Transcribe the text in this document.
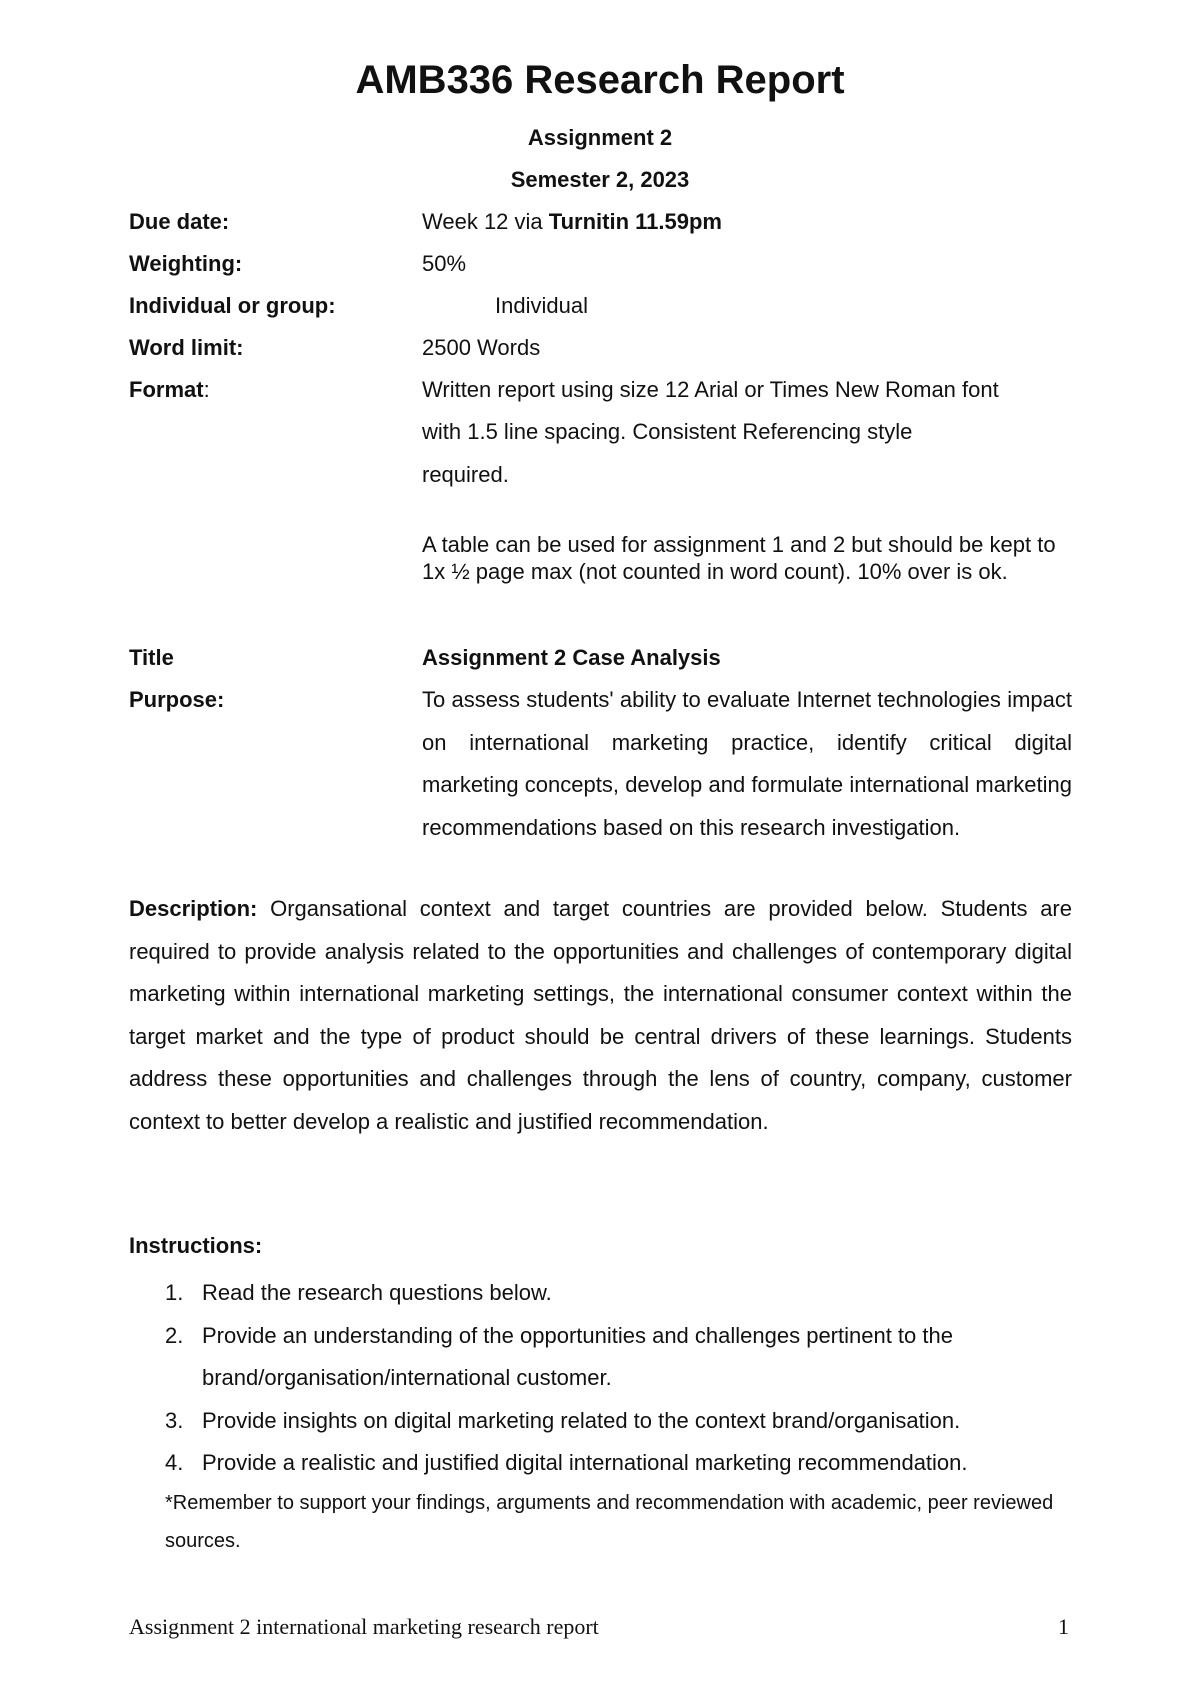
AMB336 Research Report
Assignment 2
Semester 2, 2023
Due date:	Week 12 via Turnitin 11.59pm
Weighting:	50%
Individual or group:	Individual
Word limit:	2500 Words
Format:	Written report using size 12 Arial or Times New Roman font
with 1.5 line spacing. Consistent Referencing style
required.
A table can be used for assignment 1 and 2 but should be kept to 1x ½ page max (not counted in word count). 10% over is ok.
Title	Assignment 2 Case Analysis
Purpose:	To assess students' ability to evaluate Internet technologies impact on international marketing practice, identify critical digital marketing concepts, develop and formulate international marketing recommendations based on this research investigation.
Description: Organsational context and target countries are provided below. Students are required to provide analysis related to the opportunities and challenges of contemporary digital marketing within international marketing settings, the international consumer context within the target market and the type of product should be central drivers of these learnings. Students address these opportunities and challenges through the lens of country, company, customer context to better develop a realistic and justified recommendation.
Instructions:
1. Read the research questions below.
2. Provide an understanding of the opportunities and challenges pertinent to the brand/organisation/international customer.
3. Provide insights on digital marketing related to the context brand/organisation.
4. Provide a realistic and justified digital international marketing recommendation.
*Remember to support your findings, arguments and recommendation with academic, peer reviewed sources.
Assignment 2 international marketing research report	1
